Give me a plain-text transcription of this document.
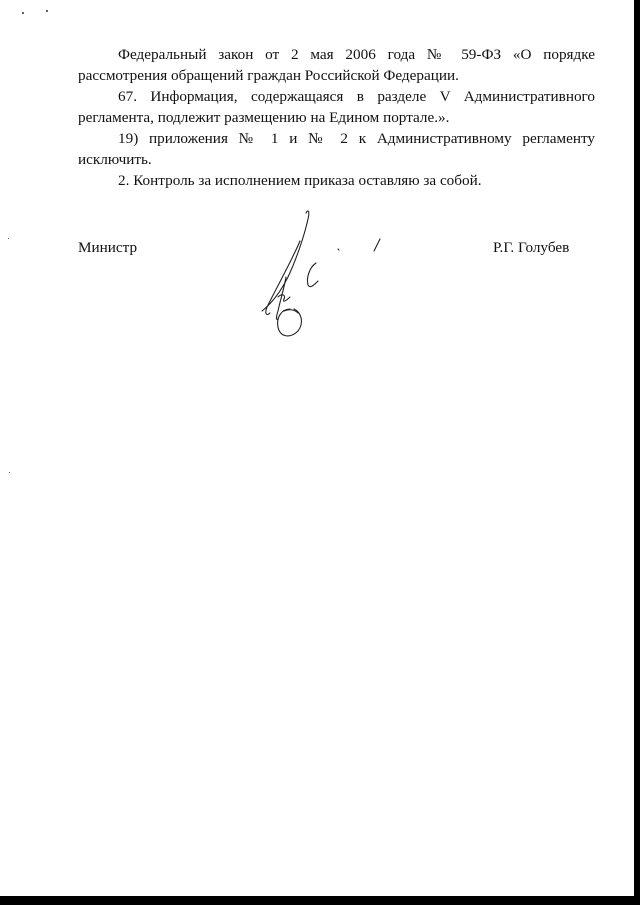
Федеральный закон от 2 мая 2006 года № 59-ФЗ «О порядке рассмотрения обращений граждан Российской Федерации.

67. Информация, содержащаяся в разделе V Административного регламента, подлежит размещению на Едином портале.».

19) приложения № 1 и № 2 к Административному регламенту исключить.

2. Контроль за исполнением приказа оставляю за собой.

Министр	Р.Г. Голубев
